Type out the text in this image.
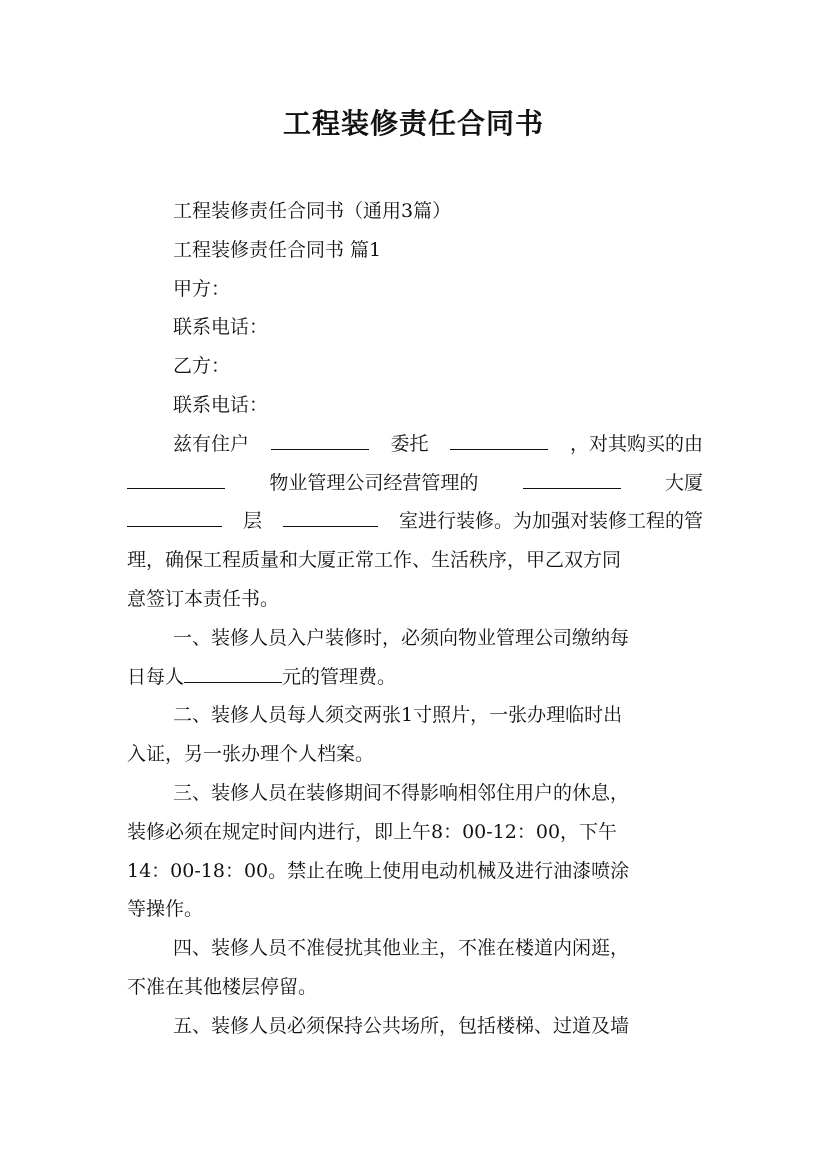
工程装修责任合同书
工程装修责任合同书（通用3篇）
工程装修责任合同书 篇1
甲方：
联系电话：
乙方：
联系电话：
兹有住户	委托	，对其购买的由
物业管理公司经营管理的	大厦
层	室进行装修。为加强对装修工程的管
理，确保工程质量和大厦正常工作、生活秩序，甲乙双方同
意签订本责任书。
一、装修人员入户装修时，必须向物业管理公司缴纳每
日每人	元的管理费。
二、装修人员每人须交两张1寸照片，一张办理临时出
入证，另一张办理个人档案。
三、装修人员在装修期间不得影响相邻住用户的休息，
装修必须在规定时间内进行，即上午8：00-12：00，下午
14：00-18：00。禁止在晚上使用电动机械及进行油漆喷涂
等操作。
四、装修人员不准侵扰其他业主，不准在楼道内闲逛，
不准在其他楼层停留。
五、装修人员必须保持公共场所，包括楼梯、过道及墙
